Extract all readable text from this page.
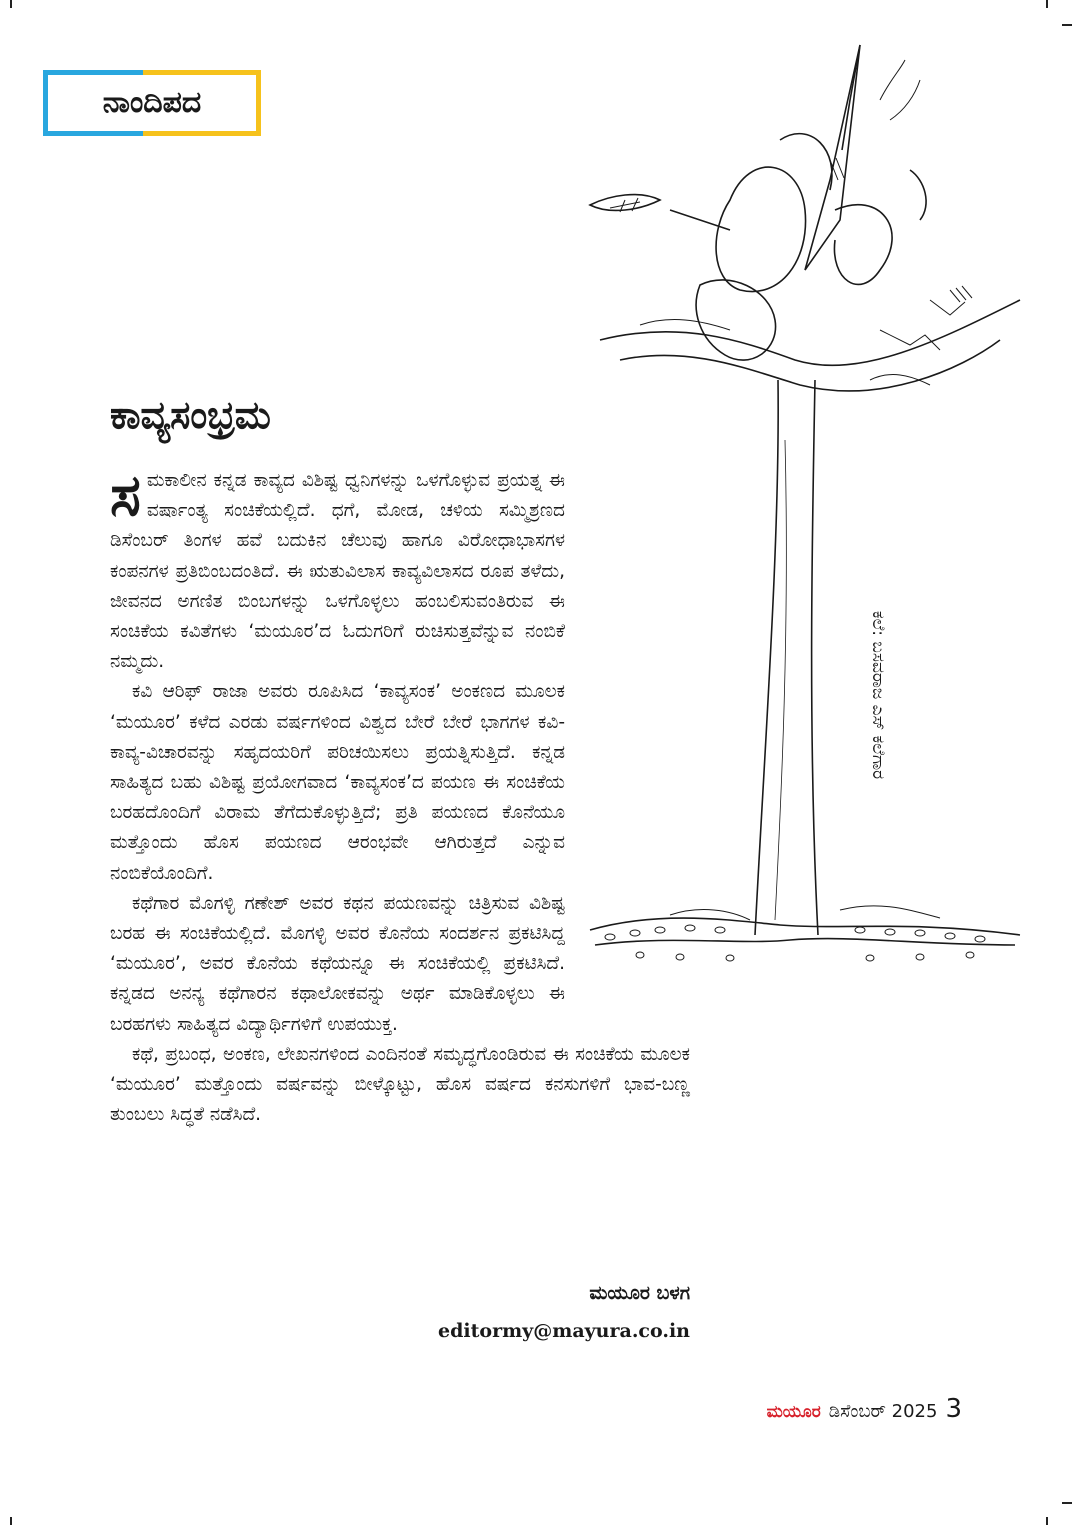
ನಾಂದಿಪದ
ಕಾವ್ಯಸಂಭ್ರಮ
ಕಲೆ: ಬಸವರಾಜ ಎಸ್ ಕಲೆಗಾರ

ಸಮಕಾಲೀನ ಕನ್ನಡ ಕಾವ್ಯದ ವಿಶಿಷ್ಟ ಧ್ವನಿಗಳನ್ನು ಒಳಗೊಳ್ಳುವ ಪ್ರಯತ್ನ ಈ ವರ್ಷಾಂತ್ಯ ಸಂಚಿಕೆಯಲ್ಲಿದೆ. ಧಗೆ, ಮೋಡ, ಚಳಿಯ ಸಮ್ಮಿಶ್ರಣದ ಡಿಸೆಂಬರ್ ತಿಂಗಳ ಹವೆ ಬದುಕಿನ ಚೆಲುವು ಹಾಗೂ ವಿರೋಧಾಭಾಸಗಳ ಕಂಪನಗಳ ಪ್ರತಿಬಿಂಬದಂತಿದೆ. ಈ ಋತುವಿಲಾಸ ಕಾವ್ಯವಿಲಾಸದ ರೂಪ ತಳೆದು, ಜೀವನದ ಅಗಣಿತ ಬಿಂಬಗಳನ್ನು ಒಳಗೊಳ್ಳಲು ಹಂಬಲಿಸುವಂತಿರುವ ಈ ಸಂಚಿಕೆಯ ಕವಿತೆಗಳು ‘ಮಯೂರ’ದ ಓದುಗರಿಗೆ ರುಚಿಸುತ್ತವೆನ್ನುವ ನಂಬಿಕೆ ನಮ್ಮದು.

ಕವಿ ಆರಿಫ್ ರಾಜಾ ಅವರು ರೂಪಿಸಿದ ‘ಕಾವ್ಯಸಂಕ’ ಅಂಕಣದ ಮೂಲಕ ‘ಮಯೂರ’ ಕಳೆದ ಎರಡು ವರ್ಷಗಳಿಂದ ವಿಶ್ವದ ಬೇರೆ ಬೇರೆ ಭಾಗಗಳ ಕವಿ-ಕಾವ್ಯ-ವಿಚಾರವನ್ನು ಸಹೃದಯರಿಗೆ ಪರಿಚಯಿಸಲು ಪ್ರಯತ್ನಿಸುತ್ತಿದೆ. ಕನ್ನಡ ಸಾಹಿತ್ಯದ ಬಹು ವಿಶಿಷ್ಟ ಪ್ರಯೋಗವಾದ ‘ಕಾವ್ಯಸಂಕ’ದ ಪಯಣ ಈ ಸಂಚಿಕೆಯ ಬರಹದೊಂದಿಗೆ ವಿರಾಮ ತೆಗೆದುಕೊಳ್ಳುತ್ತಿದೆ; ಪ್ರತಿ ಪಯಣದ ಕೊನೆಯೂ ಮತ್ತೊಂದು ಹೊಸ ಪಯಣದ ಆರಂಭವೇ ಆಗಿರುತ್ತದೆ ಎನ್ನುವ ನಂಬಿಕೆಯೊಂದಿಗೆ.

ಕಥೆಗಾರ ಮೊಗಳ್ಳಿ ಗಣೇಶ್ ಅವರ ಕಥನ ಪಯಣವನ್ನು ಚಿತ್ರಿಸುವ ವಿಶಿಷ್ಟ ಬರಹ ಈ ಸಂಚಿಕೆಯಲ್ಲಿದೆ. ಮೊಗಳ್ಳಿ ಅವರ ಕೊನೆಯ ಸಂದರ್ಶನ ಪ್ರಕಟಿಸಿದ್ದ ‘ಮಯೂರ’, ಅವರ ಕೊನೆಯ ಕಥೆಯನ್ನೂ ಈ ಸಂಚಿಕೆಯಲ್ಲಿ ಪ್ರಕಟಿಸಿದೆ. ಕನ್ನಡದ ಅನನ್ಯ ಕಥೆಗಾರನ ಕಥಾಲೋಕವನ್ನು ಅರ್ಥ ಮಾಡಿಕೊಳ್ಳಲು ಈ ಬರಹಗಳು ಸಾಹಿತ್ಯದ ವಿದ್ಯಾರ್ಥಿಗಳಿಗೆ ಉಪಯುಕ್ತ.

ಕಥೆ, ಪ್ರಬಂಧ, ಅಂಕಣ, ಲೇಖನಗಳಿಂದ ಎಂದಿನಂತೆ ಸಮೃದ್ಧಗೊಂಡಿರುವ ಈ ಸಂಚಿಕೆಯ ಮೂಲಕ ‘ಮಯೂರ’ ಮತ್ತೊಂದು ವರ್ಷವನ್ನು ಬೀಳ್ಕೊಟ್ಟು, ಹೊಸ ವರ್ಷದ ಕನಸುಗಳಿಗೆ ಭಾವ-ಬಣ್ಣ ತುಂಬಲು ಸಿದ್ಧತೆ ನಡೆಸಿದೆ.

ಮಯೂರ ಬಳಗ
editormy@mayura.co.in
ಮಯೂರ ಡಿಸೆಂಬರ್ 2025 3
